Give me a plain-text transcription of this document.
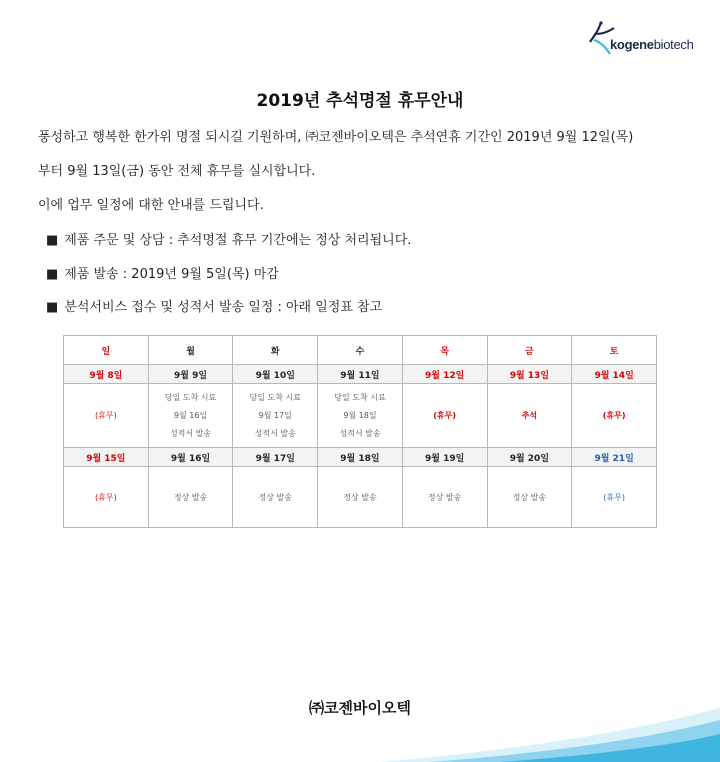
kogenebiotech
2019년 추석명절 휴무안내
풍성하고 행복한 한가위 명절 되시길 기원하며, ㈜코젠바이오텍은 추석연휴 기간인 2019년 9월 12일(목)
부터 9월 13일(금) 동안 전체 휴무를 실시합니다.
이에 업무 일정에 대한 안내를 드립니다.
■ 제품 주문 및 상담 : 추석명절 휴무 기간에는 정상 처리됩니다.
■ 제품 발송 : 2019년 9월 5일(목) 마감
■ 분석서비스 접수 및 성적서 발송 일정 : 아래 일정표 참고
일	월	화	수	목	금	토
9월 8일	9월 9일	9월 10일	9월 11일	9월 12일	9월 13일	9월 14일
(휴무)	당일 도착 시료
9월 16일
성적서 발송	당일 도착 시료
9월 17일
성적서 발송	당일 도착 시료
9월 18일
성적서 발송	(휴무)	추석	(휴무)
9월 15일	9월 16일	9월 17일	9월 18일	9월 19일	9월 20일	9월 21일
(휴무)	정상 발송	정상 발송	정상 발송	정상 발송	정상 발송	(휴무)
㈜코젠바이오텍
